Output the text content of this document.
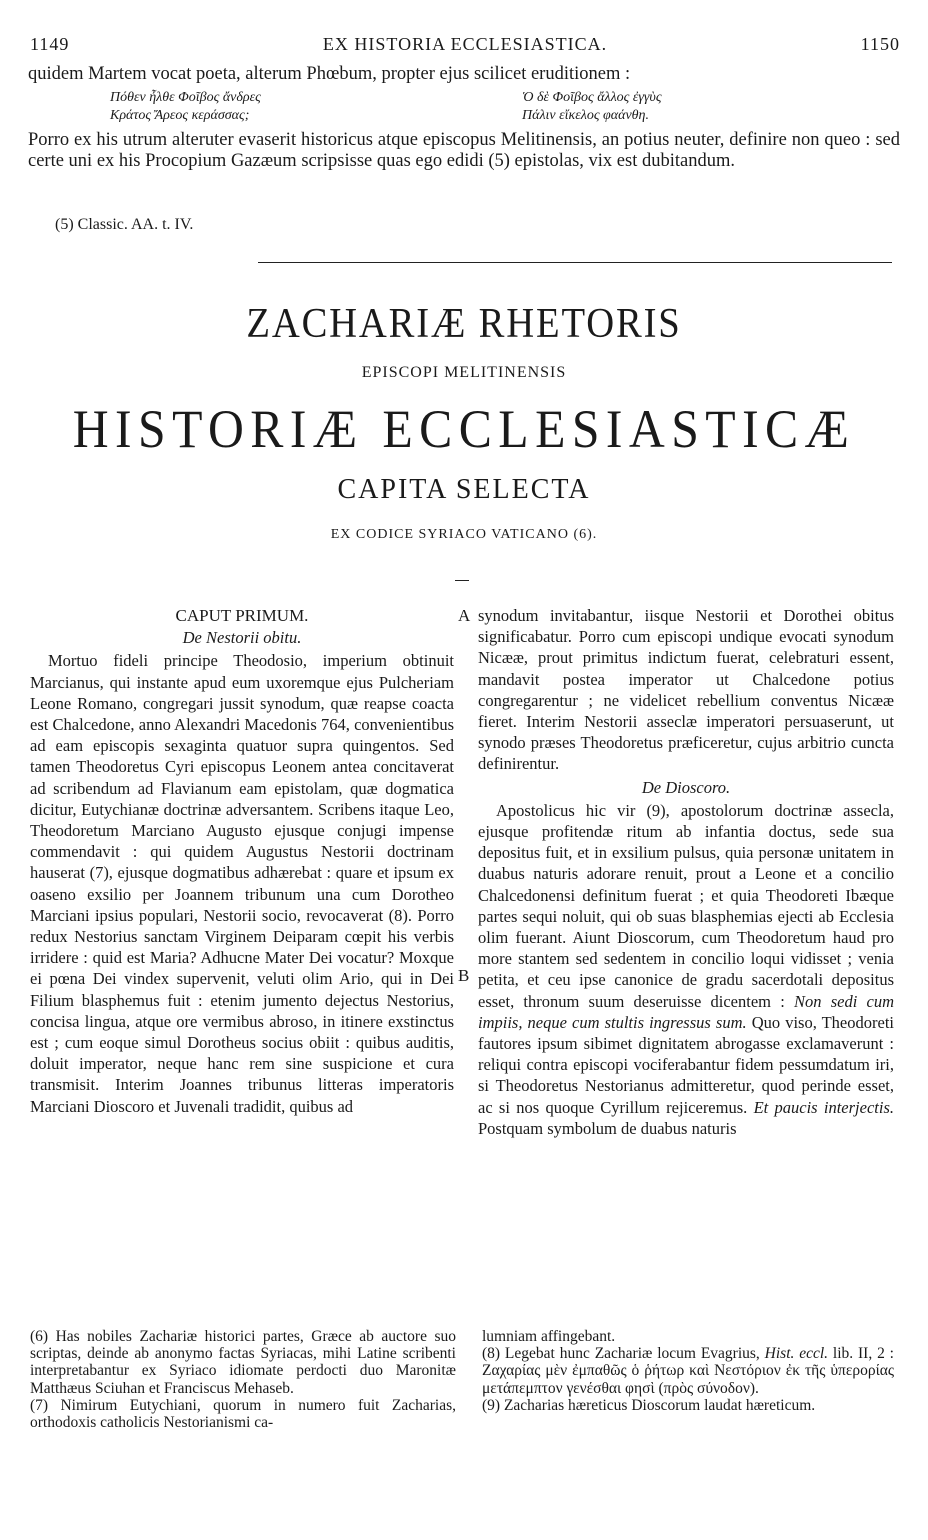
1149	EX HISTORIA ECCLESIASTICA.	1150
quidem Martem vocat poeta, alterum Phœbum, propter ejus scilicet eruditionem :
Πόθεν ἦλθε Φοῖβος ἄνδρες	Ὁ δὲ Φοῖβος ἄλλος ἐγγὺς
Κράτος Ἄρεος κεράσσας;	Πάλιν εἴκελος φαάνθη.
Porro ex his utrum alteruter evaserit historicus atque episcopus Melitinensis, an potius neuter, definire non queo : sed certe uni ex his Procopium Gazæum scripsisse quas ego edidi (5) epistolas, vix est dubitandum.
(5) Classic. AA. t. IV.
ZACHARIÆ RHETORIS
EPISCOPI MELITINENSIS
HISTORIÆ ECCLESIASTICÆ
CAPITA SELECTA
EX CODICE SYRIACO VATICANO (6).

CAPUT PRIMUM.

De Nestorii obitu.

Mortuo fideli principe Theodosio, imperium obtinuit Marcianus, qui instante apud eum uxoremque ejus Pulcheriam Leone Romano, congregari jussit synodum, quæ reapse coacta est Chalcedone, anno Alexandri Macedonis 764, convenientibus ad eam episcopis sexaginta quatuor supra quingentos. Sed tamen Theodoretus Cyri episcopus Leonem antea concitaverat ad scribendum ad Flavianum eam epistolam, quæ dogmatica dicitur, Eutychianæ doctrinæ adversantem. Scribens itaque Leo, Theodoretum Marciano Augusto ejusque conjugi impense commendavit : qui quidem Augustus Nestorii doctrinam hauserat (7), ejusque dogmatibus adhærebat : quare et ipsum ex oaseno exsilio per Joannem tribunum una cum Dorotheo Marciani ipsius populari, Nestorii socio, revocaverat (8). Porro redux Nestorius sanctam Virginem Deiparam cœpit his verbis irridere : quid est Maria? Adhucne Mater Dei vocatur? Moxque ei pœna Dei vindex supervenit, veluti olim Ario, qui in Dei Filium blasphemus fuit : etenim jumento dejectus Nestorius, concisa lingua, atque ore vermibus abroso, in itinere exstinctus est ; cum eoque simul Dorotheus socius obiit : quibus auditis, doluit imperator, neque hanc rem sine suspicione et cura transmisit. Interim Joannes tribunus litteras imperatoris Marciani Dioscoro et Juvenali tradidit, quibus ad

A
B

synodum invitabantur, iisque Nestorii et Dorothei obitus significabatur. Porro cum episcopi undique evocati synodum Nicææ, prout primitus indictum fuerat, celebraturi essent, mandavit postea imperator ut Chalcedone potius congregarentur ; ne videlicet rebellium conventus Nicææ fieret. Interim Nestorii asseclæ imperatori persuaserunt, ut synodo præses Theodoretus præficeretur, cujus arbitrio cuncta definirentur.

De Dioscoro.

Apostolicus hic vir (9), apostolorum doctrinæ assecla, ejusque profitendæ ritum ab infantia doctus, sede sua depositus fuit, et in exsilium pulsus, quia personæ unitatem in duabus naturis adorare renuit, prout a Leone et a concilio Chalcedonensi definitum fuerat ; et quia Theodoreti Ibæque partes sequi noluit, qui ob suas blasphemias ejecti ab Ecclesia olim fuerant. Aiunt Dioscorum, cum Theodoretum haud pro more stantem sed sedentem in concilio loqui vidisset ; venia petita, et ceu ipse canonice de gradu sacerdotali depositus esset, thronum suum deseruisse dicentem : Non sedi cum impiis, neque cum stultis ingressus sum. Quo viso, Theodoreti fautores ipsum sibimet dignitatem abrogasse exclamaverunt : reliqui contra episcopi vociferabantur fidem pessumdatum iri, si Theodoretus Nestorianus admitteretur, quod perinde esset, ac si nos quoque Cyrillum rejiceremus. Et paucis interjectis. Postquam symbolum de duabus naturis

(6) Has nobiles Zachariæ historici partes, Græce ab auctore suo scriptas, deinde ab anonymo factas Syriacas, mihi Latine scribenti interpretabantur ex Syriaco idiomate perdocti duo Maronitæ Matthæus Sciuhan et Franciscus Mehaseb.

(7) Nimirum Eutychiani, quorum in numero fuit Zacharias, orthodoxis catholicis Nestorianismi ca-

lumniam affingebant.

(8) Legebat hunc Zachariæ locum Evagrius, Hist. eccl. lib. II, 2 : Ζαχαρίας μὲν ἐμπαθῶς ὁ ῥήτωρ καὶ Νεστόριον ἐκ τῆς ὑπερορίας μετάπεμπτον γενέσθαι φησὶ (πρὸς σύνοδον).

(9) Zacharias hæreticus Dioscorum laudat hæreticum.
